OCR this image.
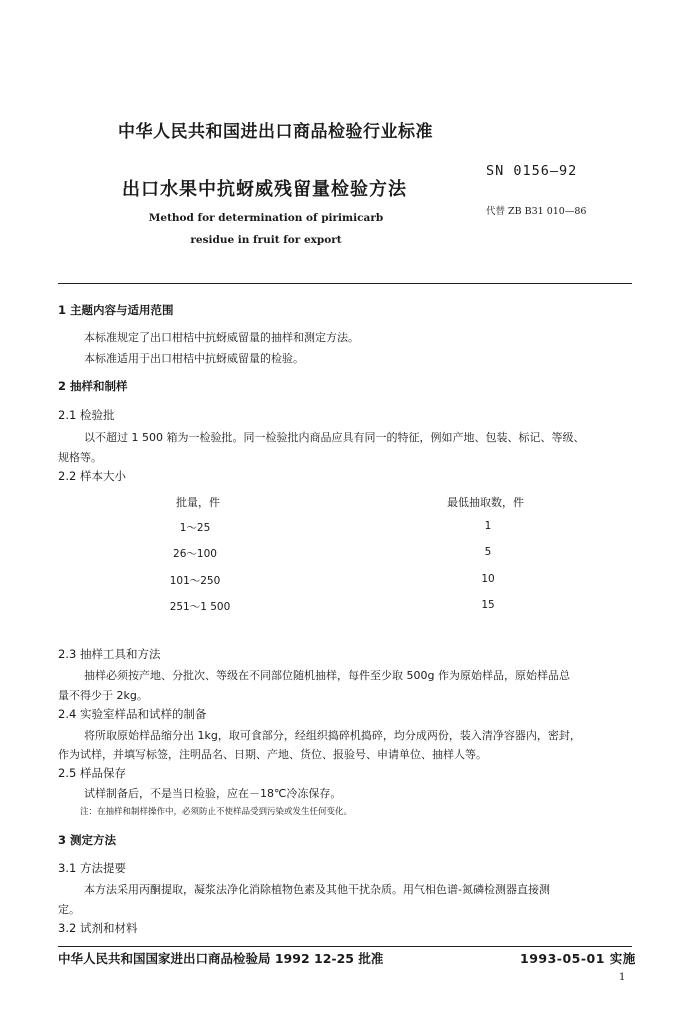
中华人民共和国进出口商品检验行业标准
出口水果中抗蚜威残留量检验方法
Method for determination of pirimicarb
residue in fruit for export
SN 0156—92
代替 ZB B31 010—86
1 主题内容与适用范围
本标准规定了出口柑桔中抗蚜威留量的抽样和测定方法。
本标准适用于出口柑桔中抗蚜威留量的检验。
2 抽样和制样
2.1 检验批
以不超过 1 500 箱为一检验批。同一检验批内商品应具有同一的特征，例如产地、包装、标记、等级、
规格等。
2.2 样本大小
批量，件	最低抽取数，件
1～25	1
26～100	5
101～250	10
251～1 500	15
2.3 抽样工具和方法
抽样必须按产地、分批次、等级在不同部位随机抽样，每件至少取 500g 作为原始样品，原始样品总
量不得少于 2kg。
2.4 实验室样品和试样的制备
将所取原始样品缩分出 1kg，取可食部分，经组织捣碎机捣碎，均分成两份，装入清净容器内，密封，
作为试样，并填写标签，注明品名、日期、产地、货位、报验号、申请单位、抽样人等。
2.5 样品保存
试样制备后，不是当日检验，应在－18℃冷冻保存。
注：在抽样和制样操作中，必须防止不使样品受到污染或发生任何变化。
3 测定方法
3.1 方法提要
本方法采用丙酮提取，凝浆法净化消除植物色素及其他干扰杂质。用气相色谱-氮磷检测器直接测
定。
3.2 试剂和材料
中华人民共和国国家进出口商品检验局 1992 12-25 批准	1993-05-01 实施
1
